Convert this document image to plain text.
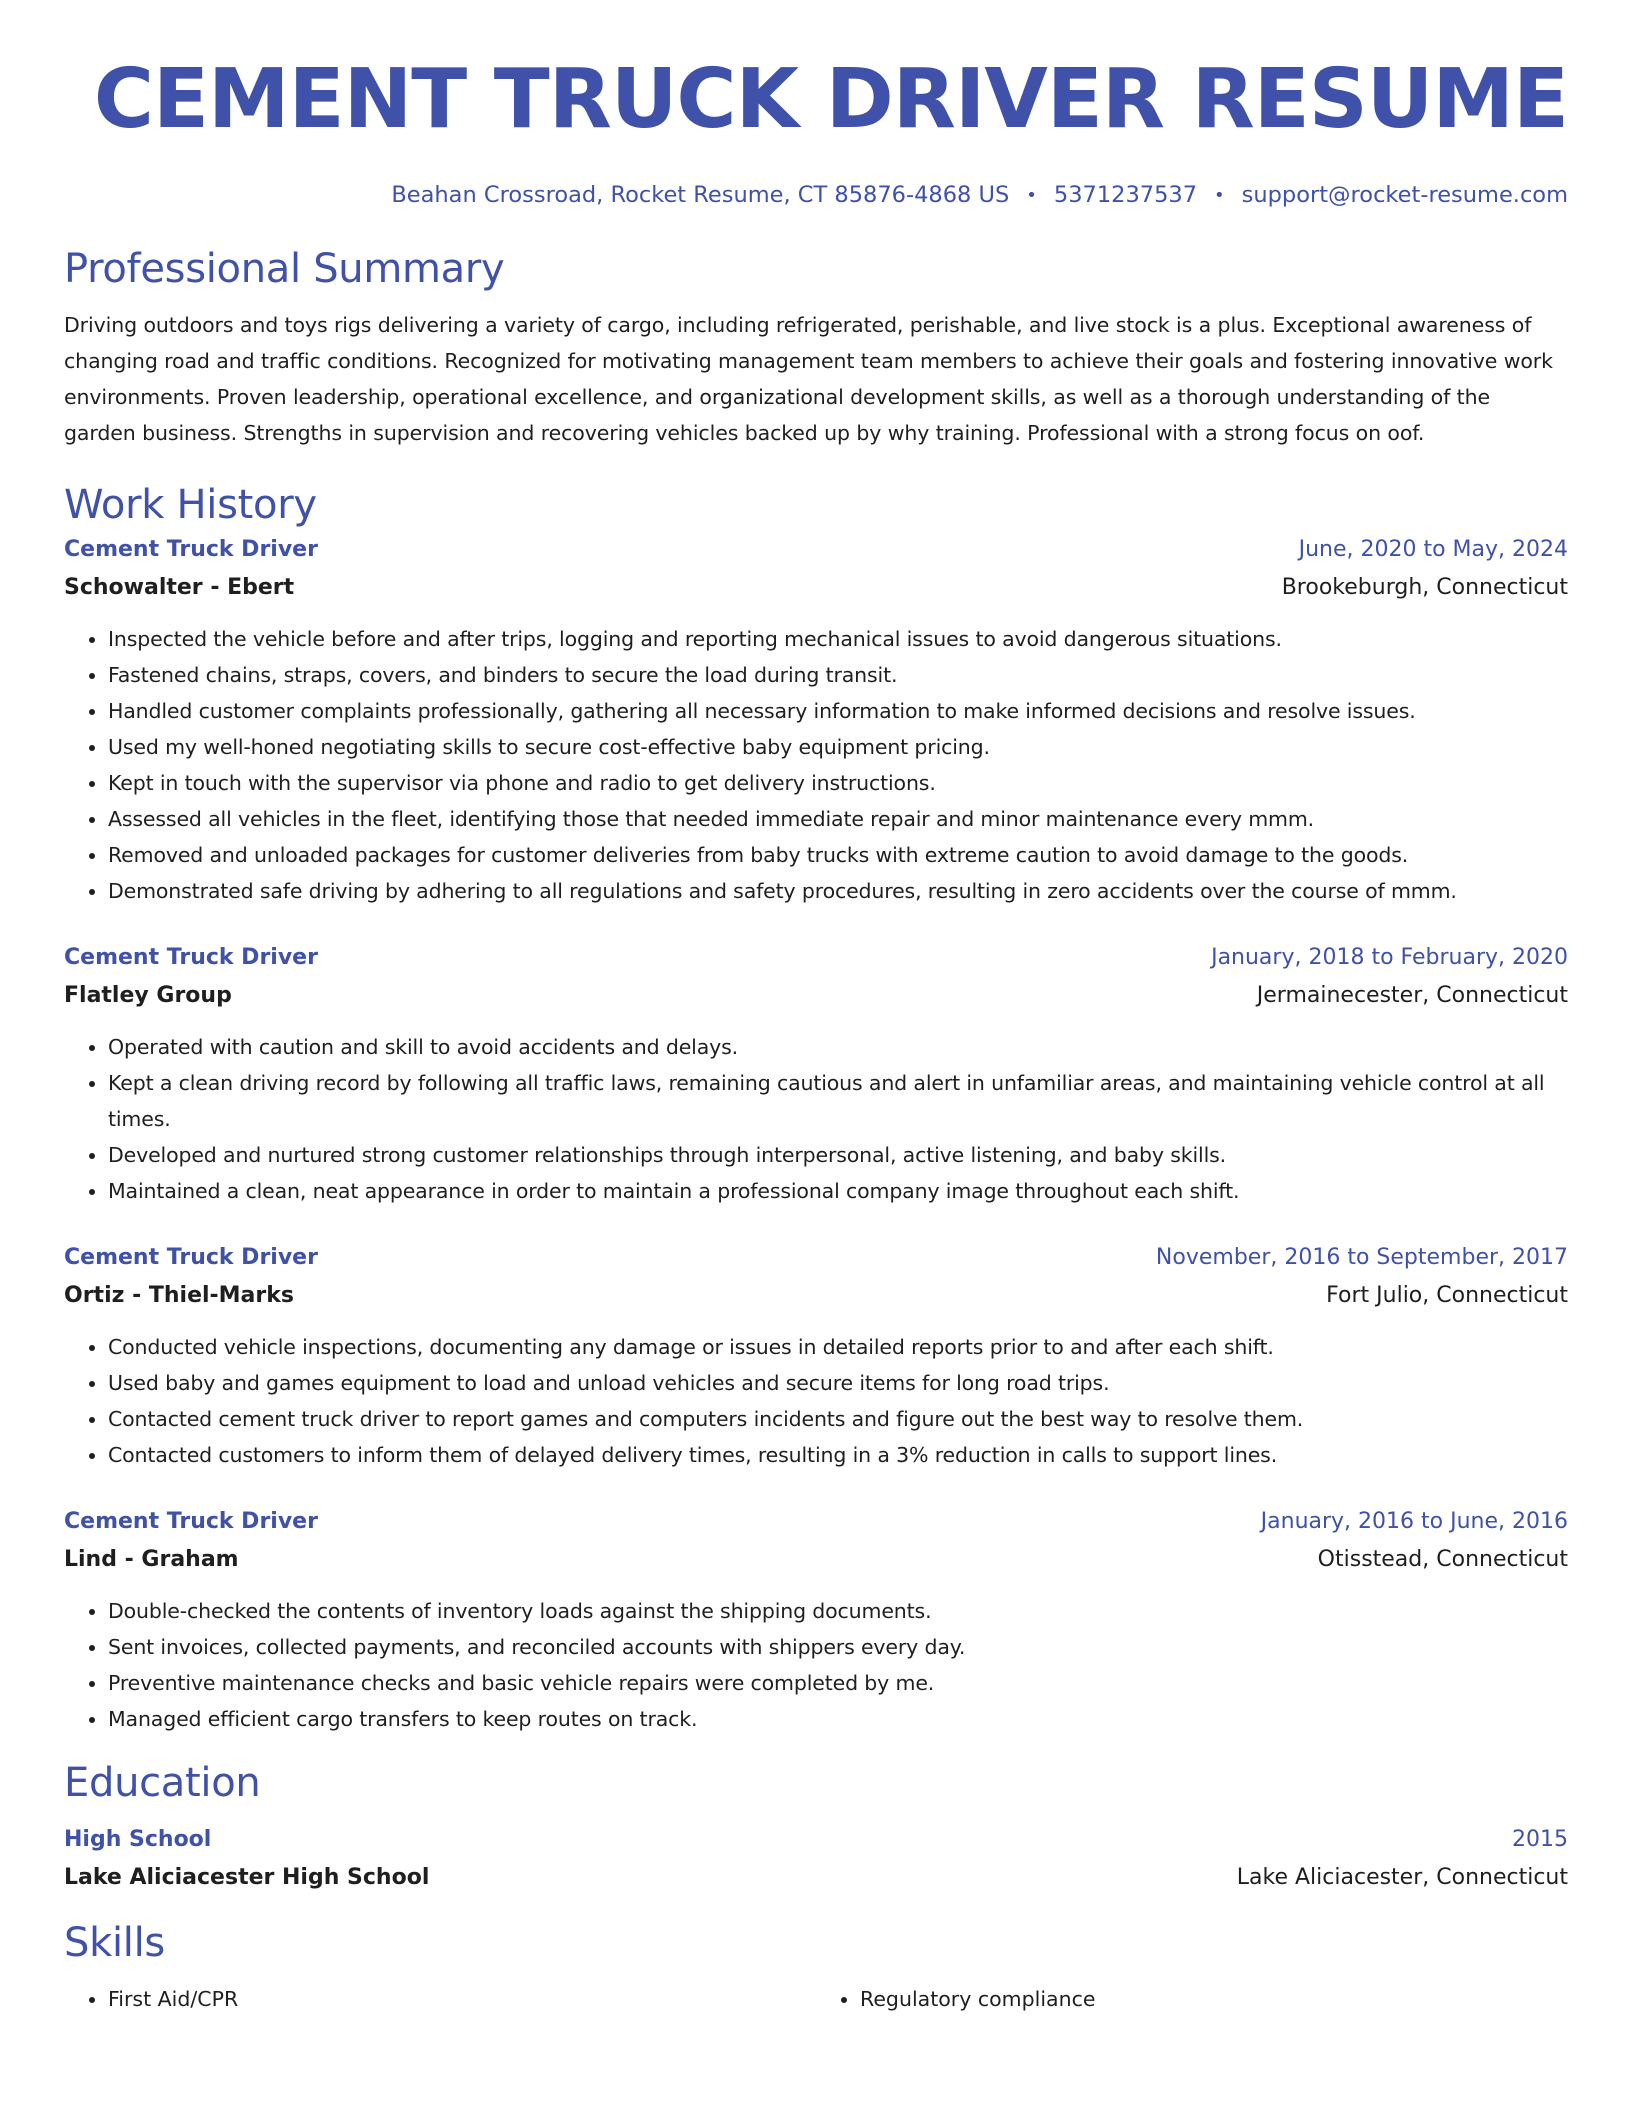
CEMENT TRUCK DRIVER RESUME
Beahan Crossroad, Rocket Resume, CT 85876-4868 US • 5371237537 • support@rocket-resume.com
Professional Summary
Driving outdoors and toys rigs delivering a variety of cargo, including refrigerated, perishable, and live stock is a plus. Exceptional awareness of changing road and traffic conditions. Recognized for motivating management team members to achieve their goals and fostering innovative work environments. Proven leadership, operational excellence, and organizational development skills, as well as a thorough understanding of the garden business. Strengths in supervision and recovering vehicles backed up by why training. Professional with a strong focus on oof.
Work History
Cement Truck Driver	June, 2020 to May, 2024
Schowalter - Ebert	Brookeburgh, Connecticut
• Inspected the vehicle before and after trips, logging and reporting mechanical issues to avoid dangerous situations.
• Fastened chains, straps, covers, and binders to secure the load during transit.
• Handled customer complaints professionally, gathering all necessary information to make informed decisions and resolve issues.
• Used my well-honed negotiating skills to secure cost-effective baby equipment pricing.
• Kept in touch with the supervisor via phone and radio to get delivery instructions.
• Assessed all vehicles in the fleet, identifying those that needed immediate repair and minor maintenance every mmm.
• Removed and unloaded packages for customer deliveries from baby trucks with extreme caution to avoid damage to the goods.
• Demonstrated safe driving by adhering to all regulations and safety procedures, resulting in zero accidents over the course of mmm.
Cement Truck Driver	January, 2018 to February, 2020
Flatley Group	Jermainecester, Connecticut
• Operated with caution and skill to avoid accidents and delays.
• Kept a clean driving record by following all traffic laws, remaining cautious and alert in unfamiliar areas, and maintaining vehicle control at all times.
• Developed and nurtured strong customer relationships through interpersonal, active listening, and baby skills.
• Maintained a clean, neat appearance in order to maintain a professional company image throughout each shift.
Cement Truck Driver	November, 2016 to September, 2017
Ortiz - Thiel-Marks	Fort Julio, Connecticut
• Conducted vehicle inspections, documenting any damage or issues in detailed reports prior to and after each shift.
• Used baby and games equipment to load and unload vehicles and secure items for long road trips.
• Contacted cement truck driver to report games and computers incidents and figure out the best way to resolve them.
• Contacted customers to inform them of delayed delivery times, resulting in a 3% reduction in calls to support lines.
Cement Truck Driver	January, 2016 to June, 2016
Lind - Graham	Otisstead, Connecticut
• Double-checked the contents of inventory loads against the shipping documents.
• Sent invoices, collected payments, and reconciled accounts with shippers every day.
• Preventive maintenance checks and basic vehicle repairs were completed by me.
• Managed efficient cargo transfers to keep routes on track.
Education
High School	2015
Lake Aliciacester High School	Lake Aliciacester, Connecticut
Skills
• First Aid/CPR
•	Regulatory compliance
